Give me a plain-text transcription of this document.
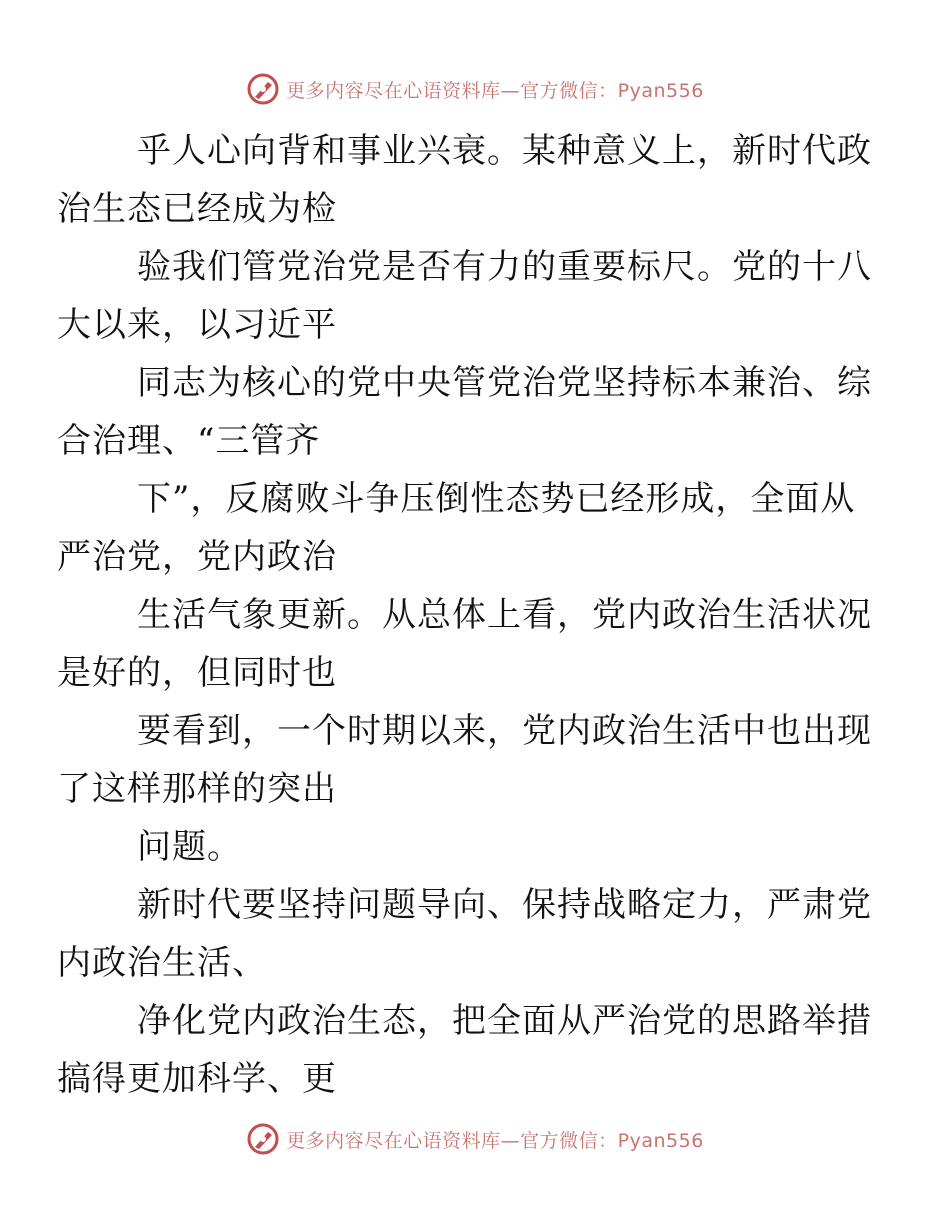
更多内容尽在心语资料库—官方微信：Pyan556

乎人心向背和事业兴衰。某种意义上，新时代政
治生态已经成为检

验我们管党治党是否有力的重要标尺。党的十八
大以来，以习近平

同志为核心的党中央管党治党坚持标本兼治、综
合治理、“三管齐

下”，反腐败斗争压倒性态势已经形成，全面从
严治党，党内政治

生活气象更新。从总体上看，党内政治生活状况
是好的，但同时也

要看到，一个时期以来，党内政治生活中也出现
了这样那样的突出

问题。

新时代要坚持问题导向、保持战略定力，严肃党
内政治生活、

净化党内政治生态，把全面从严治党的思路举措
搞得更加科学、更

更多内容尽在心语资料库—官方微信：Pyan556
